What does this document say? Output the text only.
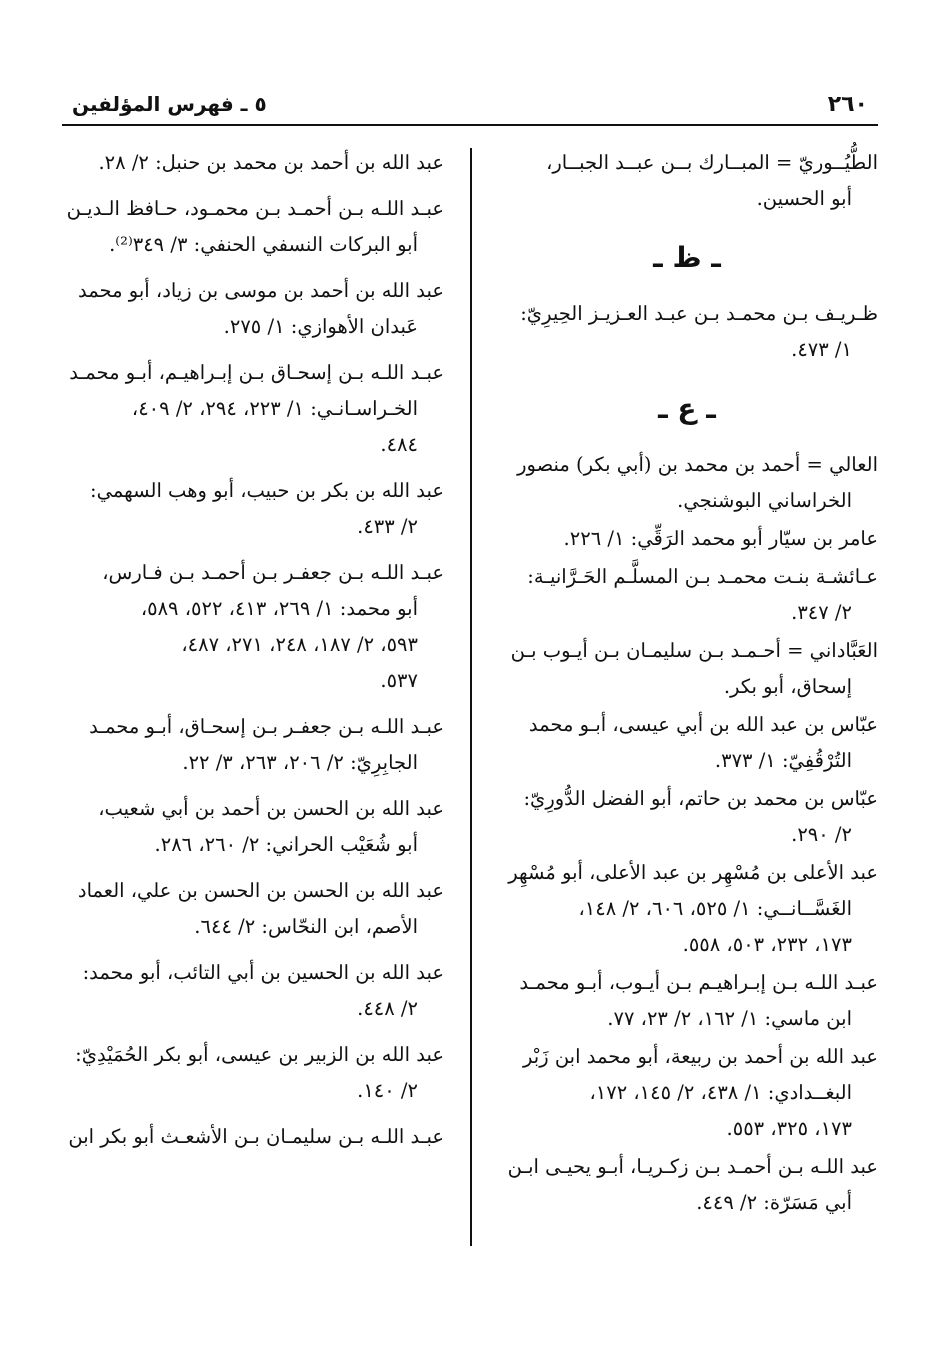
٢٦٠
٥ ـ فهرس المؤلفين
الطُّيُــوريّ = المبــارك بــن عبــد الجبــار،
أبو الحسين.
ـ ظ ـ
ظـريـف بـن محمـد بـن عبـد العـزيـز الحِيرِيّ:
١/ ٤٧٣.
ـ ع ـ
العالي = أحمد بن محمد بن (أبي بكر) منصور
الخراساني البوشنجي.
عامر بن سيّار أبو محمد الرَقِّي: ١/ ٢٢٦.
عـائشـة بنـت محمـد بـن المسلَّـم الحَـرَّانيـة:
٢/ ٣٤٧.
العَبَّاداني = أحـمـد بـن سليمـان بـن أيـوب بـن
إسحاق، أبو بكر.
عبّاس بن عبد الله بن أبي عيسى، أبـو محمد
التُرْقُفِيّ: ١/ ٣٧٣.
عبّاس بن محمد بن حاتم، أبو الفضل الدُّورِيّ:
٢/ ٢٩٠.
عبد الأعلى بن مُسْهِر بن عبد الأعلى، أبو مُسْهِر
الغَسَّــانــي: ١/ ٥٢٥، ٦٠٦، ٢/ ١٤٨،
١٧٣، ٢٣٢، ٥٠٣، ٥٥٨.
عبـد اللـه بـن إبـراهيـم بـن أيـوب، أبـو محمـد
ابن ماسي: ١/ ١٦٢، ٢/ ٢٣، ٧٧.
عبد الله بن أحمد بن ربيعة، أبو محمد ابن زَبْر
البغــدادي: ١/ ٤٣٨، ٢/ ١٤٥، ١٧٢،
١٧٣، ٣٢٥، ٥٥٣.
عبد اللـه بـن أحمـد بـن زكـريـا، أبـو يحيـى ابـن
أبي مَسَرّة: ٢/ ٤٤٩.
عبد الله بن أحمد بن محمد بن حنبل: ٢/ ٢٨.
عبـد اللـه بـن أحمـد بـن محمـود، حـافظ الـديـن
أبو البركات النسفي الحنفي: ٣/ ٣٤٩⁽²⁾.
عبد الله بن أحمد بن موسى بن زياد، أبو محمد
عَبدان الأهوازي: ١/ ٢٧٥.
عبـد اللـه بـن إسحـاق بـن إبـراهيـم، أبـو محمـد
الخـراسـانـي: ١/ ٢٢٣، ٢٩٤، ٢/ ٤٠٩،
٤٨٤.
عبد الله بن بكر بن حبيب، أبو وهب السهمي:
٢/ ٤٣٣.
عبـد اللـه بـن جعفـر بـن أحمـد بـن فـارس،
أبو محمد: ١/ ٢٦٩، ٤١٣، ٥٢٢، ٥٨٩،
٥٩٣، ٢/ ١٨٧، ٢٤٨، ٢٧١، ٤٨٧،
٥٣٧.
عبـد اللـه بـن جعفـر بـن إسحـاق، أبـو محمـد
الجابِرِيّ: ٢/ ٢٠٦، ٢٦٣، ٣/ ٢٢.
عبد الله بن الحسن بن أحمد بن أبي شعيب،
أبو شُعَيْب الحراني: ٢/ ٢٦٠، ٢٨٦.
عبد الله بن الحسن بن الحسن بن علي، العماد
الأصم، ابن النحّاس: ٢/ ٦٤٤.
عبد الله بن الحسين بن أبي التائب، أبو محمد:
٢/ ٤٤٨.
عبد الله بن الزبير بن عيسى، أبو بكر الحُمَيْدِيّ:
٢/ ١٤٠.
عبـد اللـه بـن سليمـان بـن الأشعـث أبو بكر ابن
